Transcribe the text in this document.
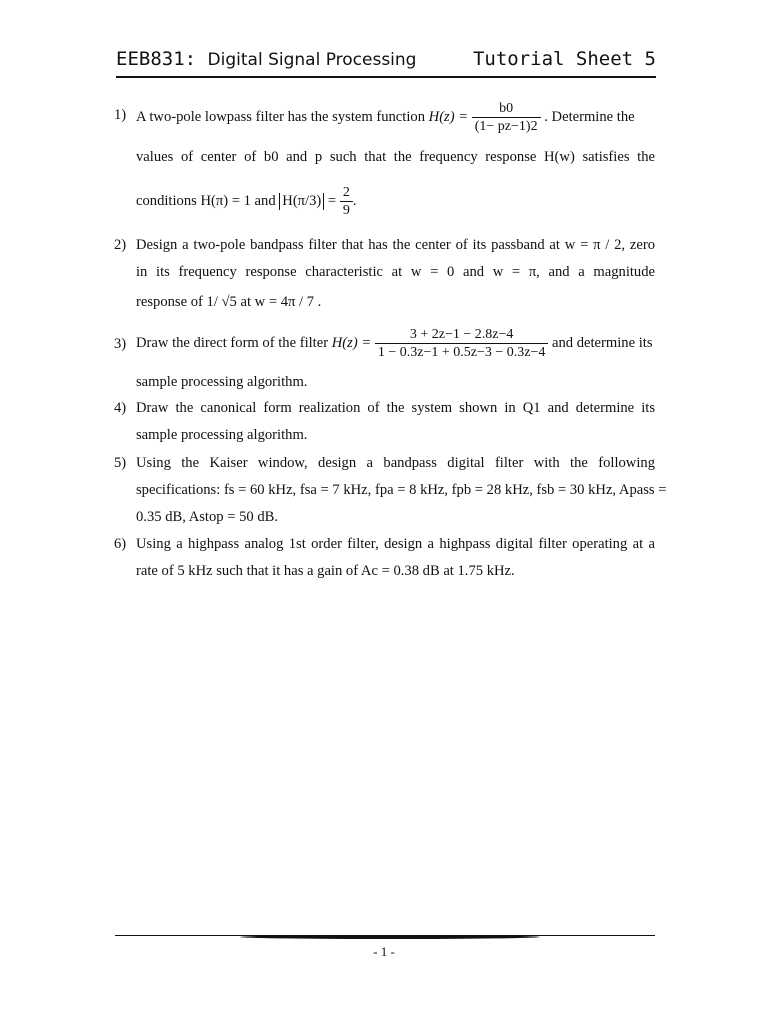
EEB831: Digital Signal Processing	Tutorial Sheet 5
1) A two-pole lowpass filter has the system function $H(z) = \frac{b0}{(1- pz-1)2}$ . Determine the
values of center of b0 and p such that the frequency response H(w) satisfies the
conditions H(π) = 1 and $H(\pi/3) = \frac{2}{9}$ .
2) Design a two-pole bandpass filter that has the center of its passband at w = π / 2, zero
in its frequency response characteristic at w = 0 and w = π, and a magnitude
response of 1/ √5 at w = 4π / 7 .
3) Draw the direct form of the filter $H(z) = \frac{3 + 2z-1 - 2.8z-4}{1 - 0.3z-1 + 0.5z-3 - 0.3z-4}$ and determine its
sample processing algorithm.
4) Draw the canonical form realization of the system shown in Q1 and determine its
sample processing algorithm.
5) Using the Kaiser window, design a bandpass digital filter with the following
specifications: fs = 60 kHz, fsa = 7 kHz, fpa = 8 kHz, fpb = 28 kHz, fsb = 30 kHz, Apass =
0.35 dB, Astop = 50 dB.
6) Using a highpass analog 1st order filter, design a highpass digital filter operating at a
rate of 5 kHz such that it has a gain of Ac = 0.38 dB at 1.75 kHz.
- 1 -
